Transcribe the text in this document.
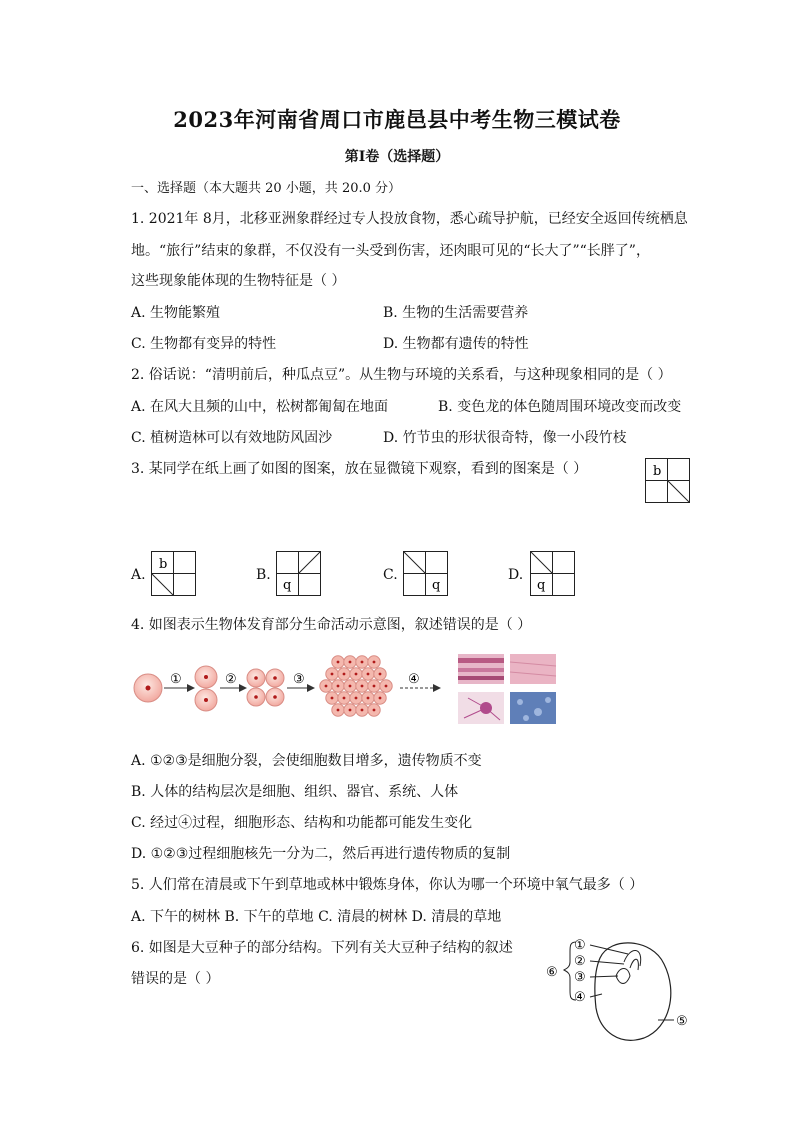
2023年河南省周口市鹿邑县中考生物三模试卷
第I卷（选择题）
一、选择题（本大题共 20 小题，共 20.0 分）
1. 2021年 8月，北移亚洲象群经过专人投放食物，悉心疏导护航，已经安全返回传统栖息
地。“旅行”结束的象群，不仅没有一头受到伤害，还肉眼可见的“长大了”“长胖了”，
这些现象能体现的生物特征是（ ）
A. 生物能繁殖	B. 生物的生活需要营养
C. 生物都有变异的特性	D. 生物都有遗传的特性
2. 俗话说：“清明前后，种瓜点豆”。从生物与环境的关系看，与这种现象相同的是（ ）
A. 在风大且频的山中，松树都匍匐在地面	B. 变色龙的体色随周围环境改变而改变
C. 植树造林可以有效地防风固沙	D. 竹节虫的形状很奇特，像一小段竹枝
3. 某同学在纸上画了如图的图案，放在显微镜下观察，看到的图案是（ ）	b
A.
b
B.
q
C.
q
D.
q
4. 如图表示生物体发育部分生命活动示意图，叙述错误的是（ ）
①	②	③	④
A. ①②③是细胞分裂，会使细胞数目增多，遗传物质不变
B. 人体的结构层次是细胞、组织、器官、系统、人体
C. 经过④过程，细胞形态、结构和功能都可能发生变化
D. ①②③过程细胞核先一分为二，然后再进行遗传物质的复制
5. 人们常在清晨或下午到草地或林中锻炼身体，你认为哪一个环境中氧气最多（ ）
A. 下午的树林 B. 下午的草地 C. 清晨的树林 D. 清晨的草地
6. 如图是大豆种子的部分结构。下列有关大豆种子结构的叙述
错误的是（ ）	⑥
①
②
③
④
⑤
